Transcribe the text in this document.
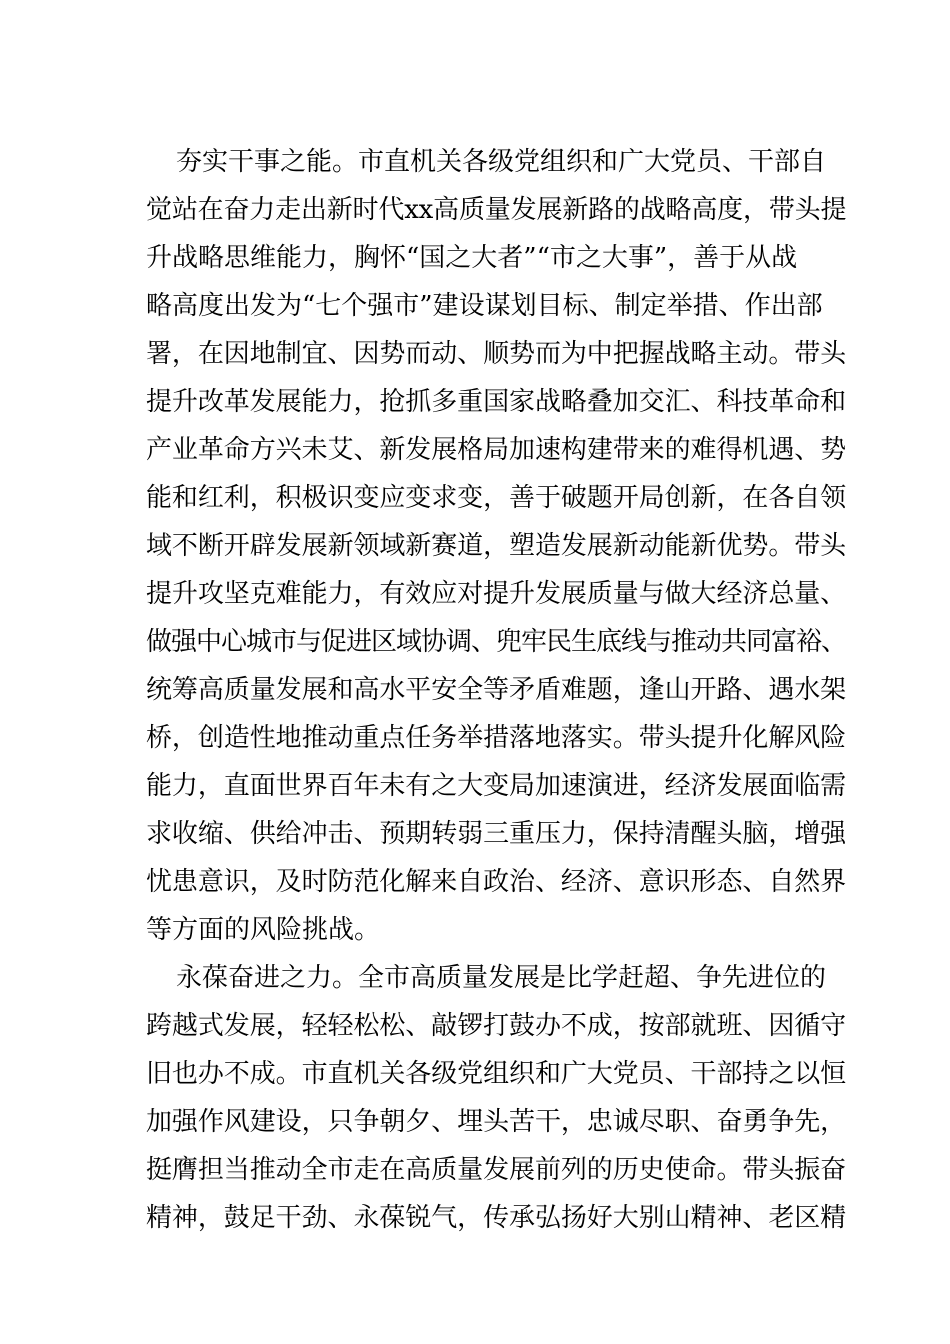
夯实干事之能。市直机关各级党组织和广大党员、干部自
觉站在奋力走出新时代xx高质量发展新路的战略高度，带头提
升战略思维能力，胸怀“国之大者”“市之大事”，善于从战
略高度出发为“七个强市”建设谋划目标、制定举措、作出部
署，在因地制宜、因势而动、顺势而为中把握战略主动。带头
提升改革发展能力，抢抓多重国家战略叠加交汇、科技革命和
产业革命方兴未艾、新发展格局加速构建带来的难得机遇、势
能和红利，积极识变应变求变，善于破题开局创新，在各自领
域不断开辟发展新领域新赛道，塑造发展新动能新优势。带头
提升攻坚克难能力，有效应对提升发展质量与做大经济总量、
做强中心城市与促进区域协调、兜牢民生底线与推动共同富裕、
统筹高质量发展和高水平安全等矛盾难题，逢山开路、遇水架
桥，创造性地推动重点任务举措落地落实。带头提升化解风险
能力，直面世界百年未有之大变局加速演进，经济发展面临需
求收缩、供给冲击、预期转弱三重压力，保持清醒头脑，增强
忧患意识，及时防范化解来自政治、经济、意识形态、自然界
等方面的风险挑战。
永葆奋进之力。全市高质量发展是比学赶超、争先进位的
跨越式发展，轻轻松松、敲锣打鼓办不成，按部就班、因循守
旧也办不成。市直机关各级党组织和广大党员、干部持之以恒
加强作风建设，只争朝夕、埋头苦干，忠诚尽职、奋勇争先，
挺膺担当推动全市走在高质量发展前列的历史使命。带头振奋
精神，鼓足干劲、永葆锐气，传承弘扬好大别山精神、老区精
